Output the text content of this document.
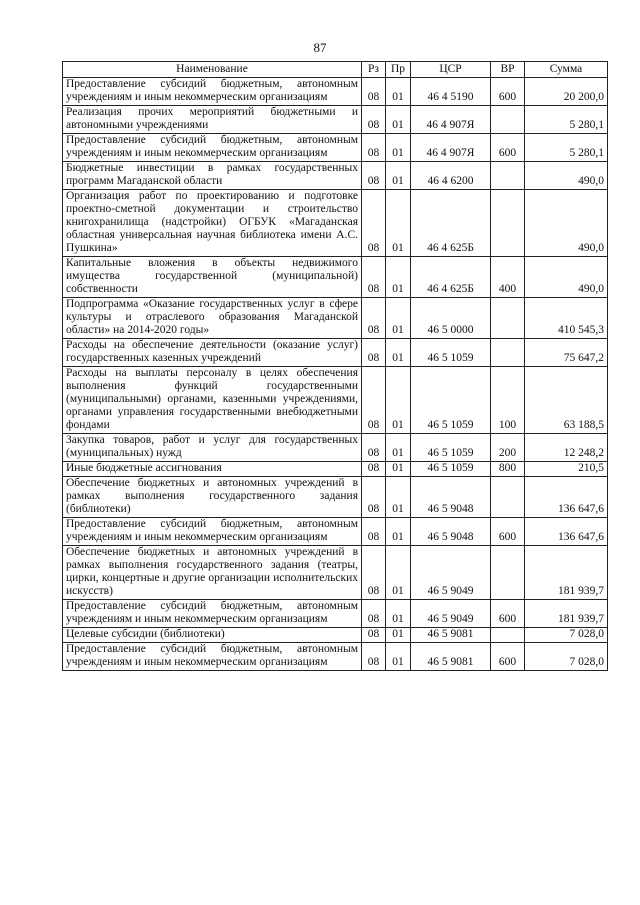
87
Наименование	Рз	Пр	ЦСР	ВР	Сумма
Предоставление субсидий бюджетным, автономным учреждениям и иным некоммерческим организациям	08	01	46 4 5190	600	20 200,0
Реализация прочих мероприятий бюджетными и автономными учреждениями	08	01	46 4 907Я		5 280,1
Предоставление субсидий бюджетным, автономным учреждениям и иным некоммерческим организациям	08	01	46 4 907Я	600	5 280,1
Бюджетные инвестиции в рамках государственных программ Магаданской области	08	01	46 4 6200		490,0
Организация работ по проектированию и подготовке проектно-сметной документации и строительство книгохранилища (надстройки) ОГБУК «Магаданская областная универсальная научная библиотека имени А.С. Пушкина»	08	01	46 4 625Б		490,0
Капитальные вложения в объекты недвижимого имущества государственной (муниципальной) собственности	08	01	46 4 625Б	400	490,0
Подпрограмма «Оказание государственных услуг в сфере культуры и отраслевого образования Магаданской области» на 2014-2020 годы»	08	01	46 5 0000		410 545,3
Расходы на обеспечение деятельности (оказание услуг) государственных казенных учреждений	08	01	46 5 1059		75 647,2
Расходы на выплаты персоналу в целях обеспечения выполнения функций государственными (муниципальными) органами, казенными учреждениями, органами управления государственными внебюджетными фондами	08	01	46 5 1059	100	63 188,5
Закупка товаров, работ и услуг для государственных (муниципальных) нужд	08	01	46 5 1059	200	12 248,2
Иные бюджетные ассигнования	08	01	46 5 1059	800	210,5
Обеспечение бюджетных и автономных учреждений в рамках выполнения государственного задания (библиотеки)	08	01	46 5 9048		136 647,6
Предоставление субсидий бюджетным, автономным учреждениям и иным некоммерческим организациям	08	01	46 5 9048	600	136 647,6
Обеспечение бюджетных и автономных учреждений в рамках выполнения государственного задания (театры, цирки, концертные и другие организации исполнительских искусств)	08	01	46 5 9049		181 939,7
Предоставление субсидий бюджетным, автономным учреждениям и иным некоммерческим организациям	08	01	46 5 9049	600	181 939,7
Целевые субсидии (библиотеки)	08	01	46 5 9081		7 028,0
Предоставление субсидий бюджетным, автономным учреждениям и иным некоммерческим организациям	08	01	46 5 9081	600	7 028,0
